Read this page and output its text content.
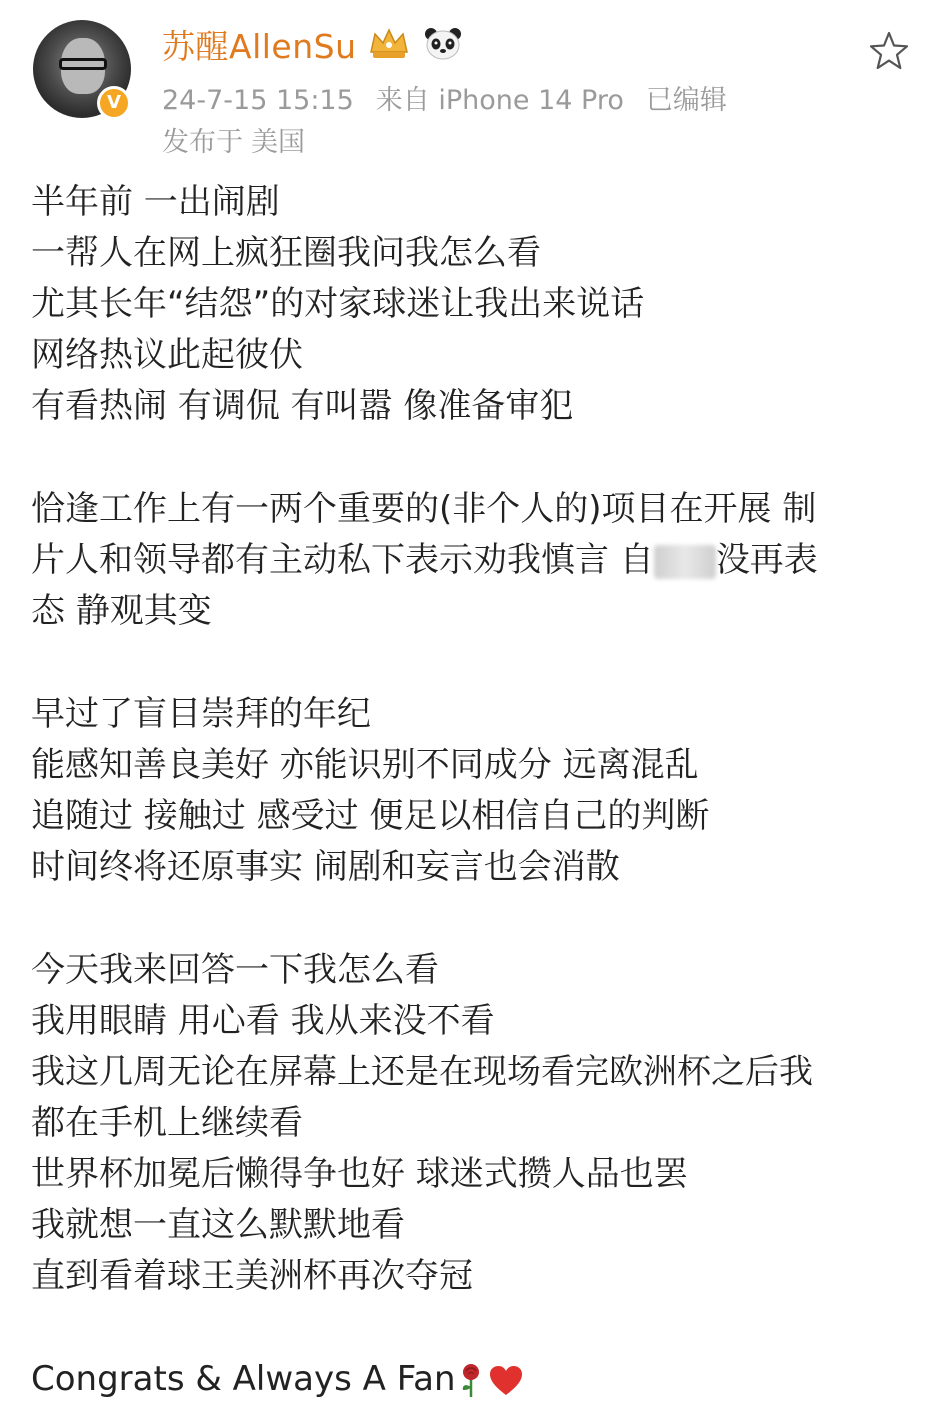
V
苏醒AllenSu
24-7-15 15:15 来自 iPhone 14 Pro 已编辑
发布于 美国
半年前 一出闹剧
一帮人在网上疯狂圈我问我怎么看
尤其长年“结怨”的对家球迷让我出来说话
网络热议此起彼伏
有看热闹 有调侃 有叫嚣 像准备审犯
恰逢工作上有一两个重要的(非个人的)项目在开展 制
片人和领导都有主动私下表示劝我慎言 自 没再表
态 静观其变
早过了盲目崇拜的年纪
能感知善良美好 亦能识别不同成分 远离混乱
追随过 接触过 感受过 便足以相信自己的判断
时间终将还原事实 闹剧和妄言也会消散
今天我来回答一下我怎么看
我用眼睛 用心看 我从来没不看
我这几周无论在屏幕上还是在现场看完欧洲杯之后我
都在手机上继续看
世界杯加冕后懒得争也好 球迷式攒人品也罢
我就想一直这么默默地看
直到看着球王美洲杯再次夺冠
Congrats & Always A Fan
